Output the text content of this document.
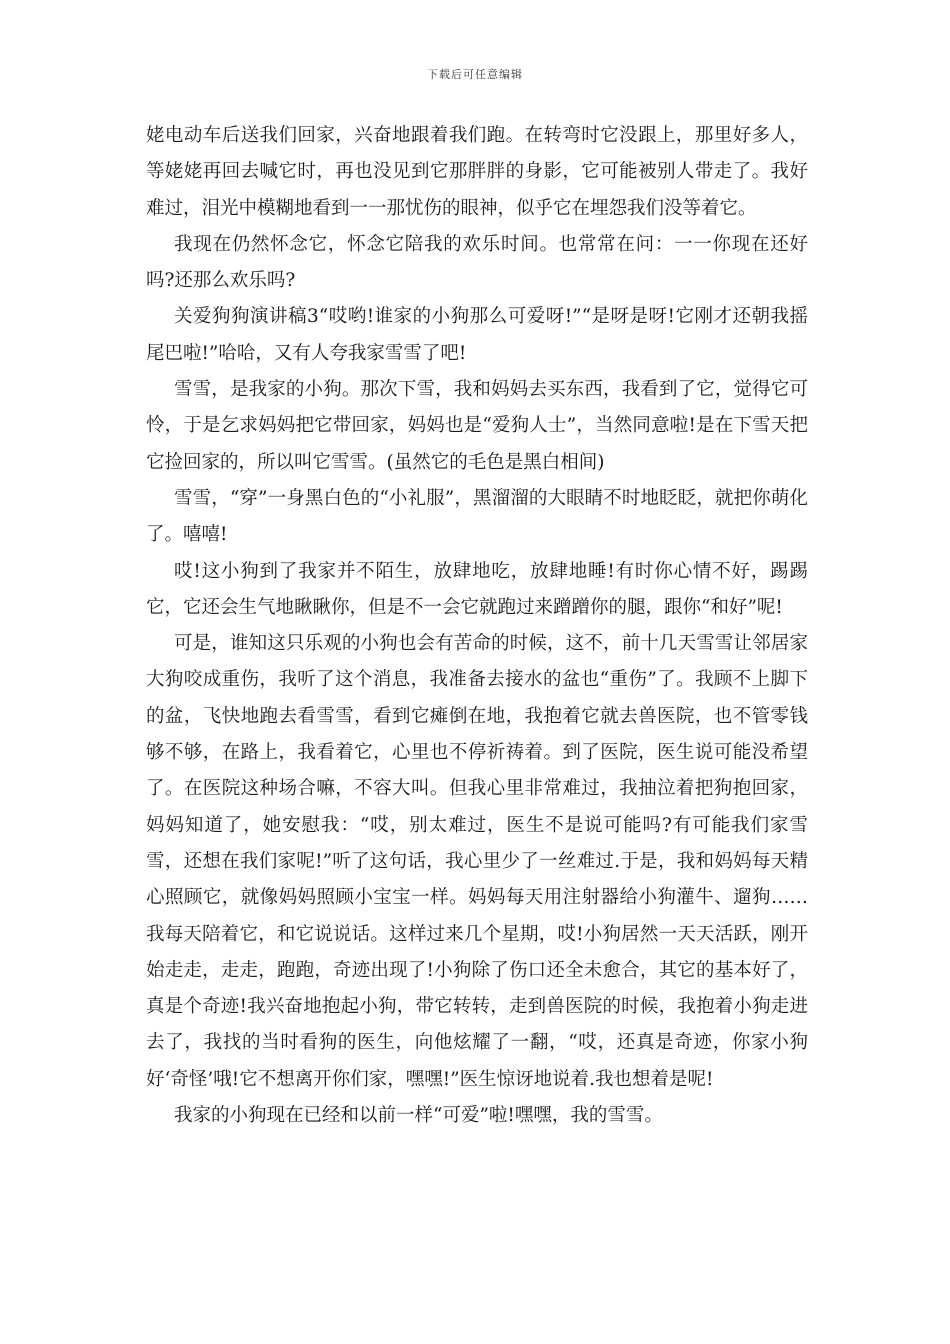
下载后可任意编辑

姥电动车后送我们回家，兴奋地跟着我们跑。在转弯时它没跟上，那里好多人，等姥姥再回去喊它时，再也没见到它那胖胖的身影，它可能被别人带走了。我好难过，泪光中模糊地看到一一那忧伤的眼神，似乎它在埋怨我们没等着它。

我现在仍然怀念它，怀念它陪我的欢乐时间。也常常在问：一一你现在还好吗?还那么欢乐吗?

关爱狗狗演讲稿3“哎哟!谁家的小狗那么可爱呀!”“是呀是呀!它刚才还朝我摇尾巴啦!”哈哈，又有人夸我家雪雪了吧!

雪雪，是我家的小狗。那次下雪，我和妈妈去买东西，我看到了它，觉得它可怜，于是乞求妈妈把它带回家，妈妈也是“爱狗人士”，当然同意啦!是在下雪天把它捡回家的，所以叫它雪雪。(虽然它的毛色是黑白相间)

雪雪，“穿”一身黑白色的“小礼服”，黑溜溜的大眼睛不时地眨眨，就把你萌化了。嘻嘻!

哎!这小狗到了我家并不陌生，放肆地吃，放肆地睡!有时你心情不好，踢踢它，它还会生气地瞅瞅你，但是不一会它就跑过来蹭蹭你的腿，跟你“和好”呢!

可是，谁知这只乐观的小狗也会有苦命的时候，这不，前十几天雪雪让邻居家大狗咬成重伤，我听了这个消息，我准备去接水的盆也“重伤”了。我顾不上脚下的盆，飞快地跑去看雪雪，看到它瘫倒在地，我抱着它就去兽医院，也不管零钱够不够，在路上，我看着它，心里也不停祈祷着。到了医院，医生说可能没希望了。在医院这种场合嘛，不容大叫。但我心里非常难过，我抽泣着把狗抱回家，妈妈知道了，她安慰我：“哎，别太难过，医生不是说可能吗?有可能我们家雪雪，还想在我们家呢!”听了这句话，我心里少了一丝难过.于是，我和妈妈每天精心照顾它，就像妈妈照顾小宝宝一样。妈妈每天用注射器给小狗灌牛、遛狗……我每天陪着它，和它说说话。这样过来几个星期，哎!小狗居然一天天活跃，刚开始走走，走走，跑跑，奇迹出现了!小狗除了伤口还全未愈合，其它的基本好了，真是个奇迹!我兴奋地抱起小狗，带它转转，走到兽医院的时候，我抱着小狗走进去了，我找的当时看狗的医生，向他炫耀了一翻，“哎，还真是奇迹，你家小狗好‘奇怪’哦!它不想离开你们家，嘿嘿!”医生惊讶地说着.我也想着是呢!

我家的小狗现在已经和以前一样“可爱”啦!嘿嘿，我的雪雪。
